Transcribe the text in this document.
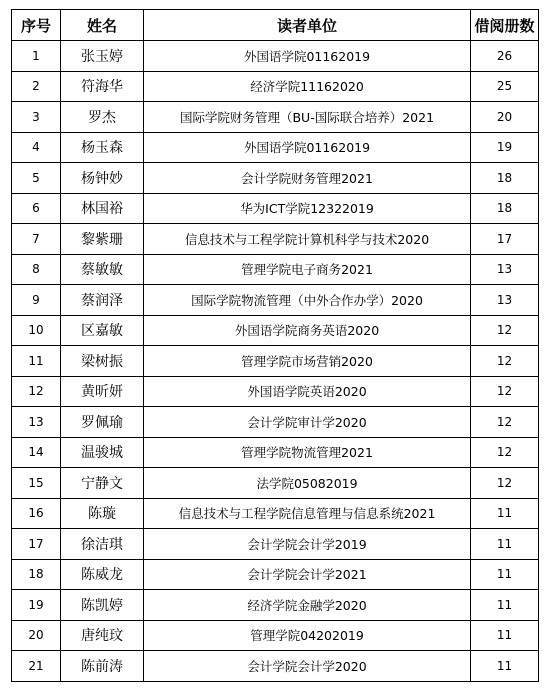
序号	姓名	读者单位	借阅册数
1	张玉婷	外国语学院01162019	26
2	符海华	经济学院11162020	25
3	罗杰	国际学院财务管理（BU-国际联合培养）2021	20
4	杨玉森	外国语学院01162019	19
5	杨钟妙	会计学院财务管理2021	18
6	林国裕	华为ICT学院12322019	18
7	黎紫珊	信息技术与工程学院计算机科学与技术2020	17
8	蔡敏敏	管理学院电子商务2021	13
9	蔡润泽	国际学院物流管理（中外合作办学）2020	13
10	区嘉敏	外国语学院商务英语2020	12
11	梁树振	管理学院市场营销2020	12
12	黄昕妍	外国语学院英语2020	12
13	罗佩瑜	会计学院审计学2020	12
14	温骏城	管理学院物流管理2021	12
15	宁静文	法学院05082019	12
16	陈璇	信息技术与工程学院信息管理与信息系统2021	11
17	徐洁琪	会计学院会计学2019	11
18	陈威龙	会计学院会计学2021	11
19	陈凯婷	经济学院金融学2020	11
20	唐纯玟	管理学院04202019	11
21	陈前涛	会计学院会计学2020	11
